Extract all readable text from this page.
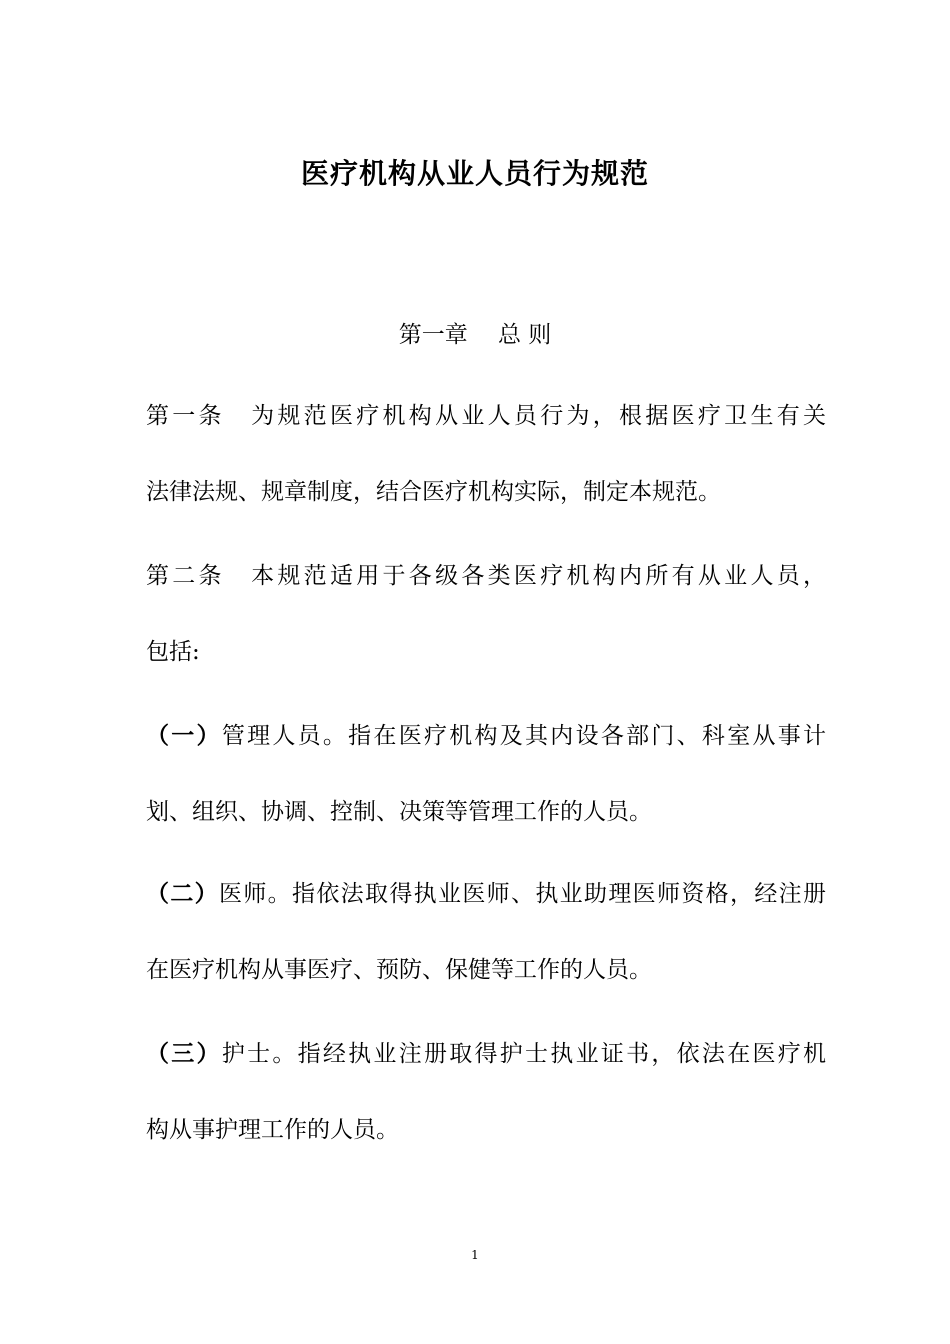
医疗机构从业人员行为规范

第一章　 总 则

第一条　为规范医疗机构从业人员行为，根据医疗卫生有关

法律法规、规章制度，结合医疗机构实际，制定本规范。

第二条　本规范适用于各级各类医疗机构内所有从业人员，

包括:

（一）管理人员。指在医疗机构及其内设各部门、科室从事计

划、组织、协调、控制、决策等管理工作的人员。

（二）医师。指依法取得执业医师、执业助理医师资格，经注册

在医疗机构从事医疗、预防、保健等工作的人员。

（三）护士。指经执业注册取得护士执业证书，依法在医疗机

构从事护理工作的人员。

1
